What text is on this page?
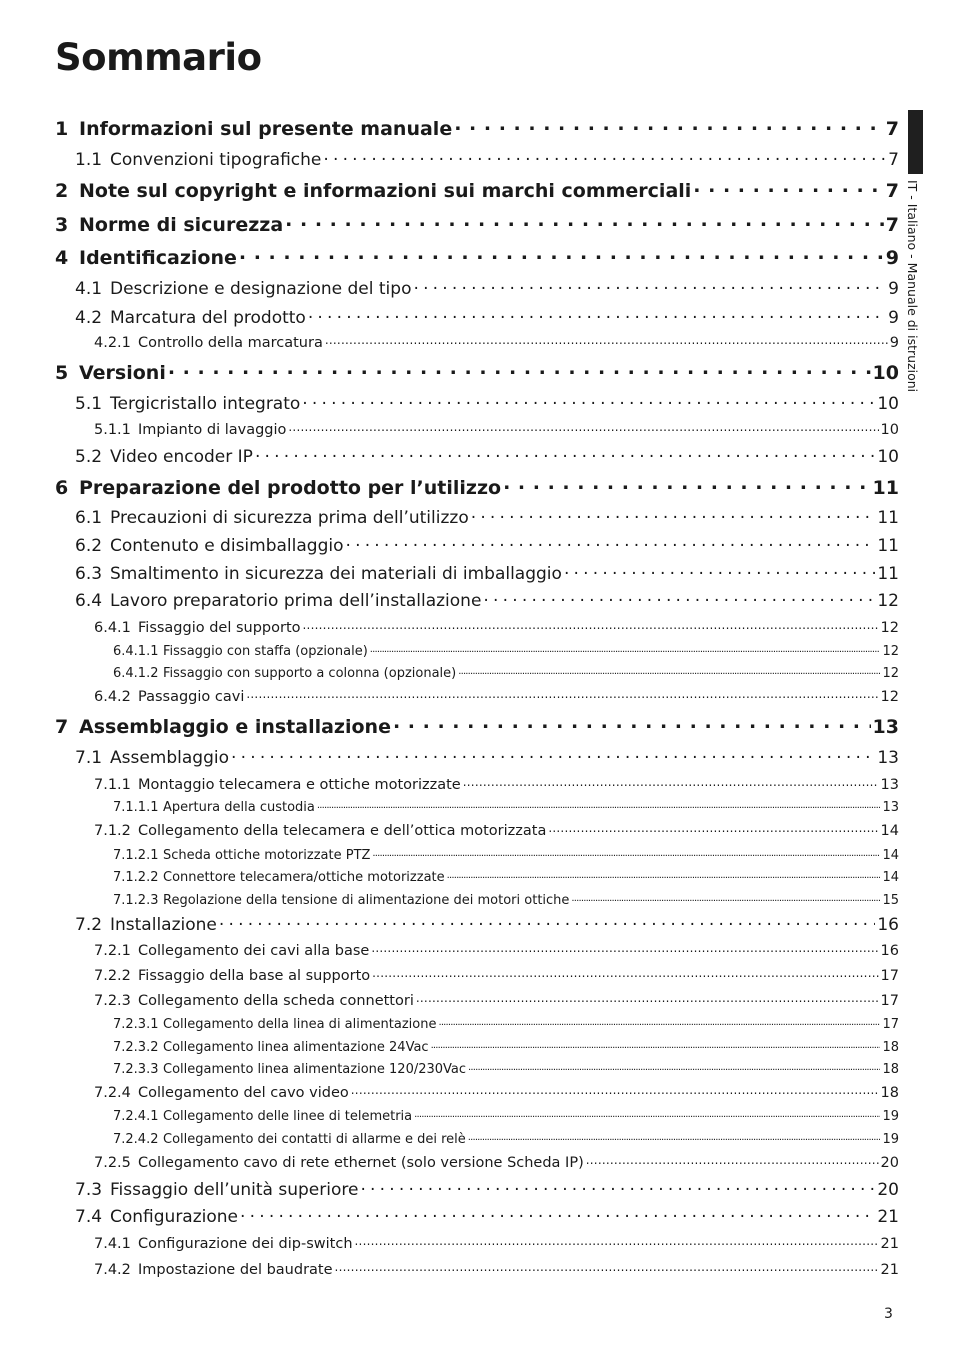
Sommario
1 Informazioni sul presente manuale . . .	7
1.1 Convenzioni tipografiche . . .	7
2 Note sul copyright e informazioni sui marchi commerciali . . .	7
3 Norme di sicurezza . . .	7
4 Identificazione . . .	9
4.1 Descrizione e designazione del tipo . . .	9
4.2 Marcatura del prodotto . . .	9
4.2.1 Controllo della marcatura . . .	9
5 Versioni . . .	10
5.1 Tergicristallo integrato . . .	10
5.1.1 Impianto di lavaggio . . .	10
5.2 Video encoder IP . . .	10
6 Preparazione del prodotto per l’utilizzo . . .	11
6.1 Precauzioni di sicurezza prima dell’utilizzo . . .	11
6.2 Contenuto e disimballaggio . . .	11
6.3 Smaltimento in sicurezza dei materiali di imballaggio . . .	11
6.4 Lavoro preparatorio prima dell’installazione . . .	12
6.4.1 Fissaggio del supporto . . .	12
6.4.1.1 Fissaggio con staffa (opzionale) . . .	12
6.4.1.2 Fissaggio con supporto a colonna (opzionale) . . .	12
6.4.2 Passaggio cavi . . .	12
7 Assemblaggio e installazione . . .	13
7.1 Assemblaggio . . .	13
7.1.1 Montaggio telecamera e ottiche motorizzate . . .	13
7.1.1.1 Apertura della custodia . . .	13
7.1.2 Collegamento della telecamera e dell’ottica motorizzata . . .	14
7.1.2.1 Scheda ottiche motorizzate PTZ . . .	14
7.1.2.2 Connettore telecamera/ottiche motorizzate . . .	14
7.1.2.3 Regolazione della tensione di alimentazione dei motori ottiche . . .	15
7.2 Installazione . . .	16
7.2.1 Collegamento dei cavi alla base . . .	16
7.2.2 Fissaggio della base al supporto . . .	17
7.2.3 Collegamento della scheda connettori . . .	17
7.2.3.1 Collegamento della linea di alimentazione . . .	17
7.2.3.2 Collegamento linea alimentazione 24Vac . . .	18
7.2.3.3 Collegamento linea alimentazione 120/230Vac . . .	18
7.2.4 Collegamento del cavo video . . .	18
7.2.4.1 Collegamento delle linee di telemetria . . .	19
7.2.4.2 Collegamento dei contatti di allarme e dei relè . . .	19
7.2.5 Collegamento cavo di rete ethernet (solo versione Scheda IP) . . .	20
7.3 Fissaggio dell’unità superiore . . .	20
7.4 Configurazione . . .	21
7.4.1 Configurazione dei dip-switch . . .	21
7.4.2 Impostazione del baudrate . . .	21
IT - Italiano - Manuale di istruzioni
3
